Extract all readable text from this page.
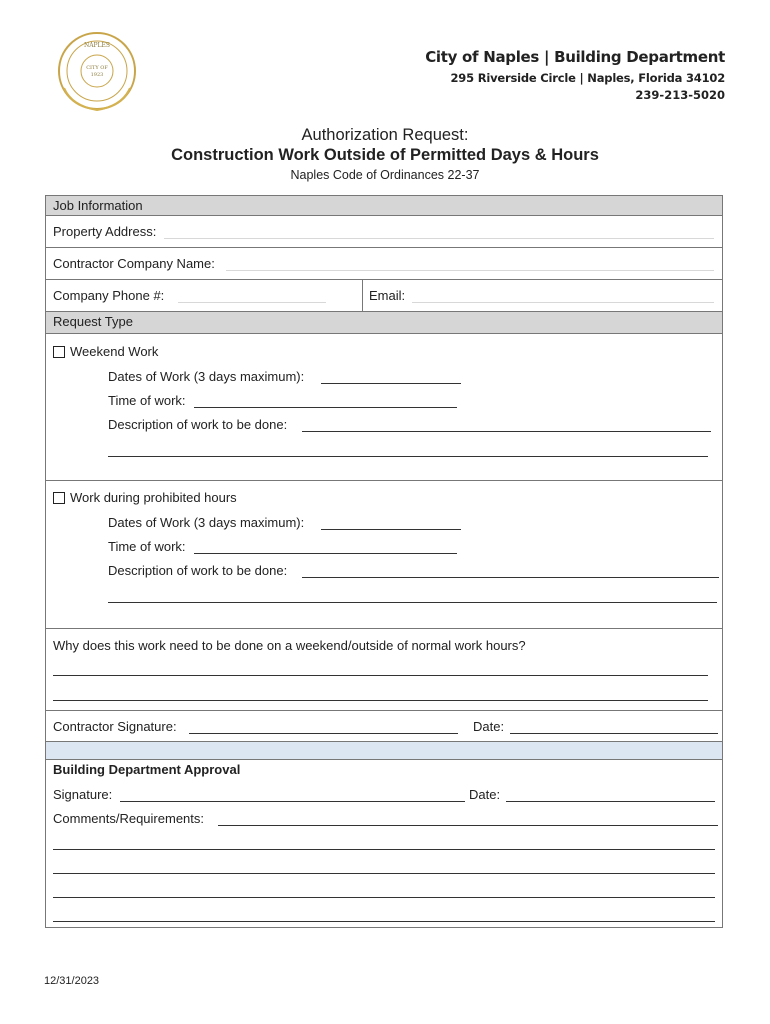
CITY OF
1923
NAPLES
City of Naples | Building Department
295 Riverside Circle | Naples, Florida 34102
239-213-5020
Authorization Request:
Construction Work Outside of Permitted Days & Hours
Naples Code of Ordinances 22-37
Job Information
Property Address:
Contractor Company Name:
Company Phone #:	Email:
Request Type
Weekend Work
Dates of Work (3 days maximum):
Time of work:
Description of work to be done:
Work during prohibited hours
Dates of Work (3 days maximum):
Time of work:
Description of work to be done:
Why does this work need to be done on a weekend/outside of normal work hours?
Contractor Signature:	Date:
Building Department Approval
Signature:	Date:
Comments/Requirements:
12/31/2023
